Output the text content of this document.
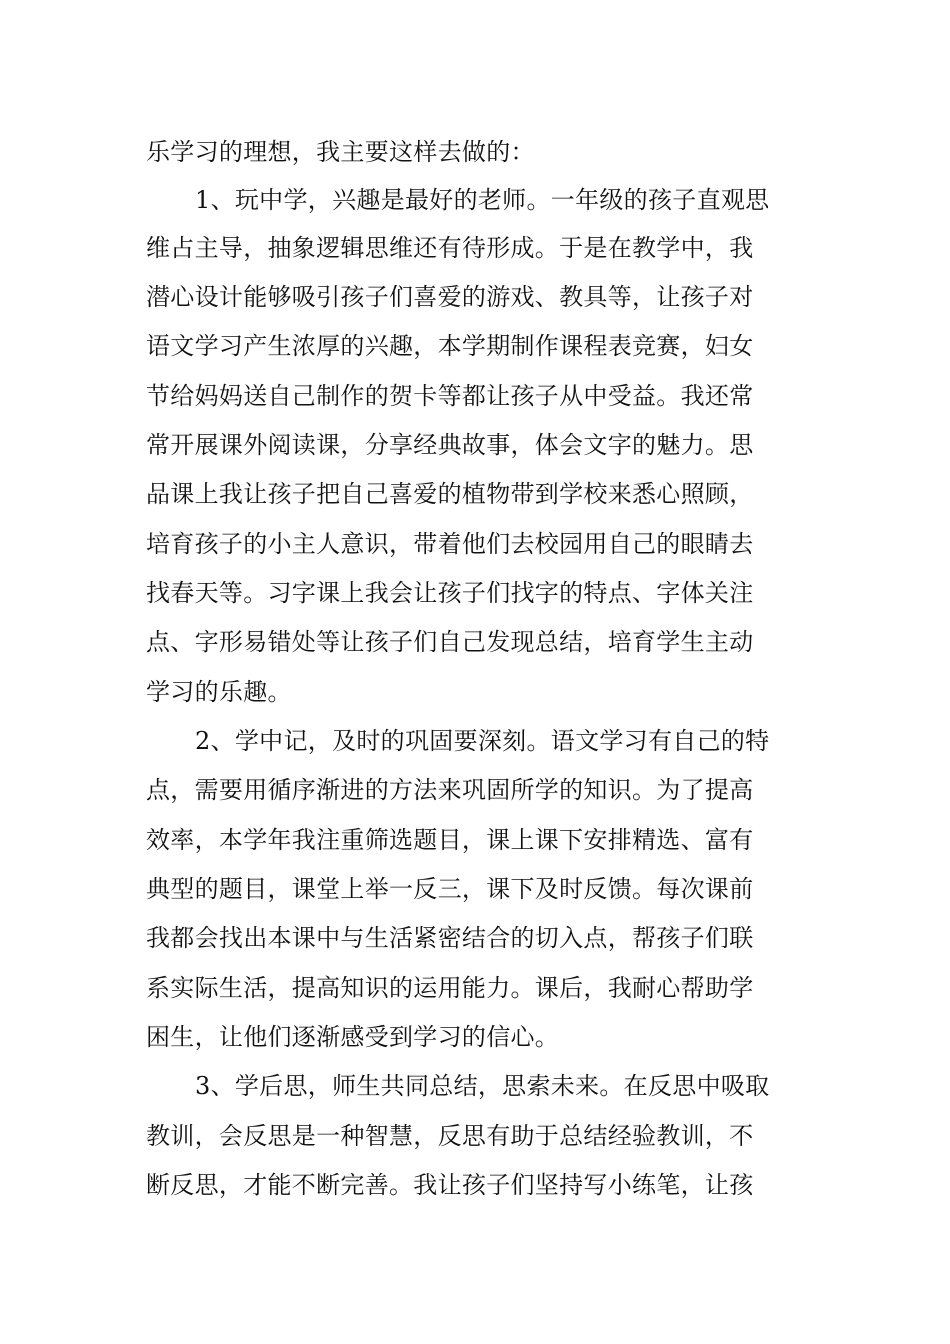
乐学习的理想，我主要这样去做的：
1、玩中学，兴趣是最好的老师。一年级的孩子直观思
维占主导，抽象逻辑思维还有待形成。于是在教学中，我
潜心设计能够吸引孩子们喜爱的游戏、教具等，让孩子对
语文学习产生浓厚的兴趣，本学期制作课程表竞赛，妇女
节给妈妈送自己制作的贺卡等都让孩子从中受益。我还常
常开展课外阅读课，分享经典故事，体会文字的魅力。思
品课上我让孩子把自己喜爱的植物带到学校来悉心照顾，
培育孩子的小主人意识，带着他们去校园用自己的眼睛去
找春天等。习字课上我会让孩子们找字的特点、字体关注
点、字形易错处等让孩子们自己发现总结，培育学生主动
学习的乐趣。
2、学中记，及时的巩固要深刻。语文学习有自己的特
点，需要用循序渐进的方法来巩固所学的知识。为了提高
效率，本学年我注重筛选题目，课上课下安排精选、富有
典型的题目，课堂上举一反三，课下及时反馈。每次课前
我都会找出本课中与生活紧密结合的切入点，帮孩子们联
系实际生活，提高知识的运用能力。课后，我耐心帮助学
困生，让他们逐渐感受到学习的信心。
3、学后思，师生共同总结，思索未来。在反思中吸取
教训，会反思是一种智慧，反思有助于总结经验教训，不
断反思，才能不断完善。我让孩子们坚持写小练笔，让孩
